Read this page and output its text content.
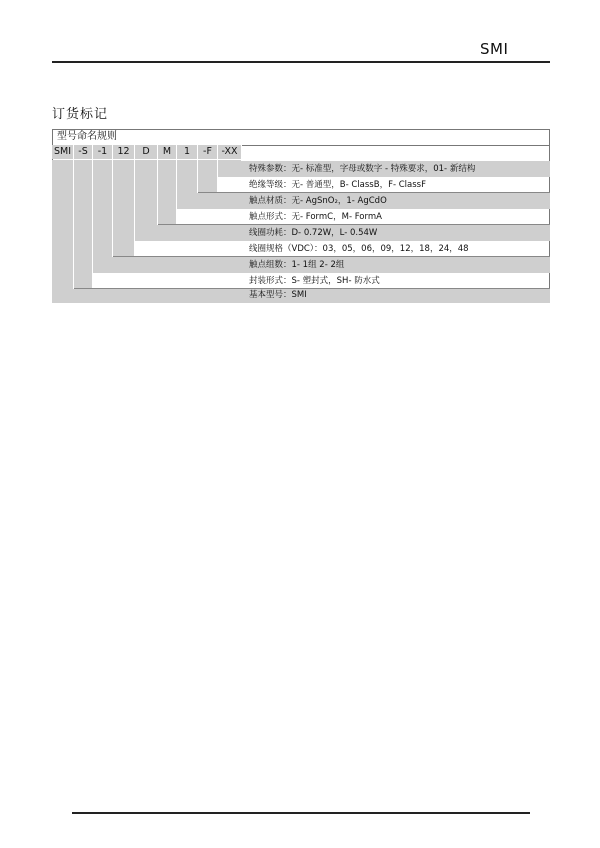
SMI
订货标记
型号命名规则
SMI -S	-1	12	D	M	1	-F	-XX
特殊参数：无- 标准型，字母或数字 - 特殊要求，01- 新结构
绝缘等级：无- 普通型，B- ClassB，F- ClassF
触点材质：无- AgSnO₂，1- AgCdO
触点形式：无- FormC，M- FormA
线圈功耗：D- 0.72W，L- 0.54W
线圈规格（VDC）：03，05，06，09，12，18，24，48
触点组数：1- 1组 2- 2组
封装形式：S- 塑封式，SH- 防水式
基本型号：SMI
